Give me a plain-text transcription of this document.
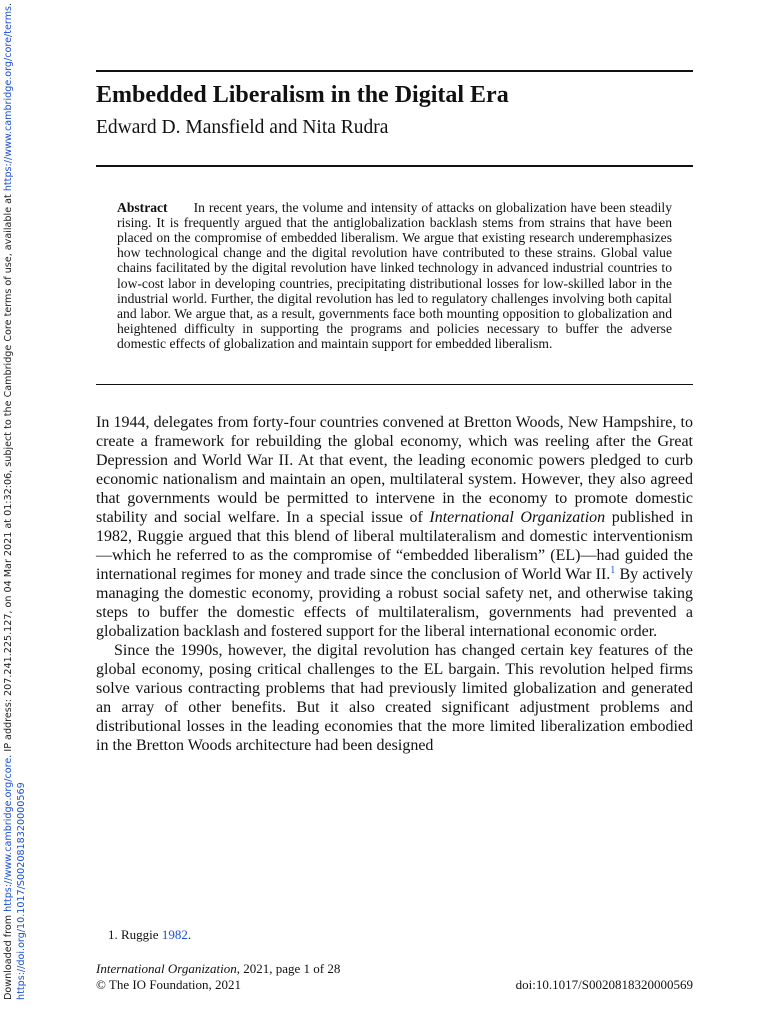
Downloaded from https://www.cambridge.org/core. IP address: 207.241.225.127, on 04 Mar 2021 at 01:32:06, subject to the Cambridge Core terms of use, available at https://www.cambridge.org/core/terms.
https://doi.org/10.1017/S0020818320000569
Embedded Liberalism in the Digital Era
Edward D. Mansfield and Nita Rudra
Abstract In recent years, the volume and intensity of attacks on globalization have been steadily rising. It is frequently argued that the antiglobalization backlash stems from strains that have been placed on the compromise of embedded liberalism. We argue that existing research underemphasizes how technological change and the digital revolution have contributed to these strains. Global value chains facilitated by the digital revolution have linked technology in advanced industrial countries to low-cost labor in developing countries, precipitating distributional losses for low-skilled labor in the industrial world. Further, the digital revolution has led to regulatory challenges involving both capital and labor. We argue that, as a result, governments face both mounting opposition to globalization and heightened difficulty in supporting the programs and policies necessary to buffer the adverse domestic effects of globalization and maintain support for embedded liberalism.

In 1944, delegates from forty-four countries convened at Bretton Woods, New Hampshire, to create a framework for rebuilding the global economy, which was reeling after the Great Depression and World War II. At that event, the leading economic powers pledged to curb economic nationalism and maintain an open, multilateral system. However, they also agreed that governments would be permitted to intervene in the economy to promote domestic stability and social welfare. In a special issue of International Organization published in 1982, Ruggie argued that this blend of liberal multilateralism and domestic interventionism—which he referred to as the compromise of “embedded liberalism” (EL)—had guided the international regimes for money and trade since the conclusion of World War II.$^1$ By actively managing the domestic economy, providing a robust social safety net, and otherwise taking steps to buffer the domestic effects of multilateralism, governments had prevented a globalization backlash and fostered support for the liberal international economic order.

Since the 1990s, however, the digital revolution has changed certain key features of the global economy, posing critical challenges to the EL bargain. This revolution helped firms solve various contracting problems that had previously limited globalization and generated an array of other benefits. But it also created significant adjustment problems and distributional losses in the leading economies that the more limited liberalization embodied in the Bretton Woods architecture had been designed

1. Ruggie 1982.
International Organization, 2021, page 1 of 28
© The IO Foundation, 2021	doi:10.1017/S0020818320000569
